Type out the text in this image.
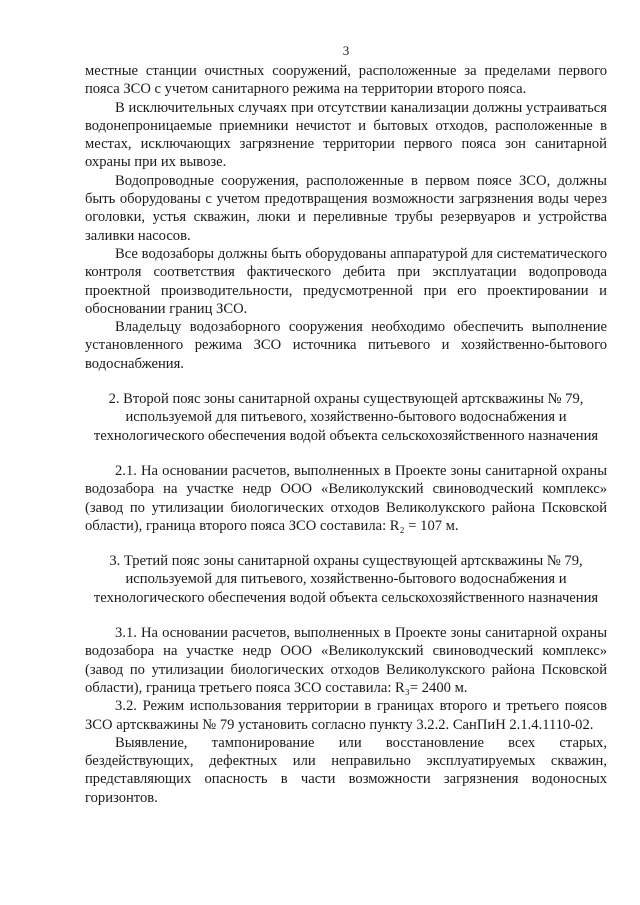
3

местные станции очистных сооружений, расположенные за пределами первого пояса ЗСО с учетом санитарного режима на территории второго пояса.

В исключительных случаях при отсутствии канализации должны устраиваться водонепроницаемые приемники нечистот и бытовых отходов, расположенные в местах, исключающих загрязнение территории первого пояса зон санитарной охраны при их вывозе.

Водопроводные сооружения, расположенные в первом поясе ЗСО, должны быть оборудованы с учетом предотвращения возможности загрязнения воды через оголовки, устья скважин, люки и переливные трубы резервуаров и устройства заливки насосов.

Все водозаборы должны быть оборудованы аппаратурой для систематического контроля соответствия фактического дебита при эксплуатации водопровода проектной производительности, предусмотренной при его проектировании и обосновании границ ЗСО.

Владельцу водозаборного сооружения необходимо обеспечить выполнение установленного режима ЗСО источника питьевого и хозяйственно-бытового водоснабжения.

2. Второй пояс зоны санитарной охраны существующей артскважины № 79, используемой для питьевого, хозяйственно-бытового водоснабжения и технологического обеспечения водой объекта сельскохозяйственного назначения

2.1. На основании расчетов, выполненных в Проекте зоны санитарной охраны водозабора на участке недр ООО «Великолукский свиноводческий комплекс» (завод по утилизации биологических отходов Великолукского района Псковской области), граница второго пояса ЗСО составила: R₂ = 107 м.

3. Третий пояс зоны санитарной охраны существующей артскважины № 79, используемой для питьевого, хозяйственно-бытового водоснабжения и технологического обеспечения водой объекта сельскохозяйственного назначения

3.1. На основании расчетов, выполненных в Проекте зоны санитарной охраны водозабора на участке недр ООО «Великолукский свиноводческий комплекс» (завод по утилизации биологических отходов Великолукского района Псковской области), граница третьего пояса ЗСО составила: R₃= 2400 м.

3.2. Режим использования территории в границах второго и третьего поясов ЗСО артскважины № 79 установить согласно пункту 3.2.2. СанПиН 2.1.4.1110-02.

Выявление, тампонирование или восстановление всех старых, бездействующих, дефектных или неправильно эксплуатируемых скважин, представляющих опасность в части возможности загрязнения водоносных горизонтов.
